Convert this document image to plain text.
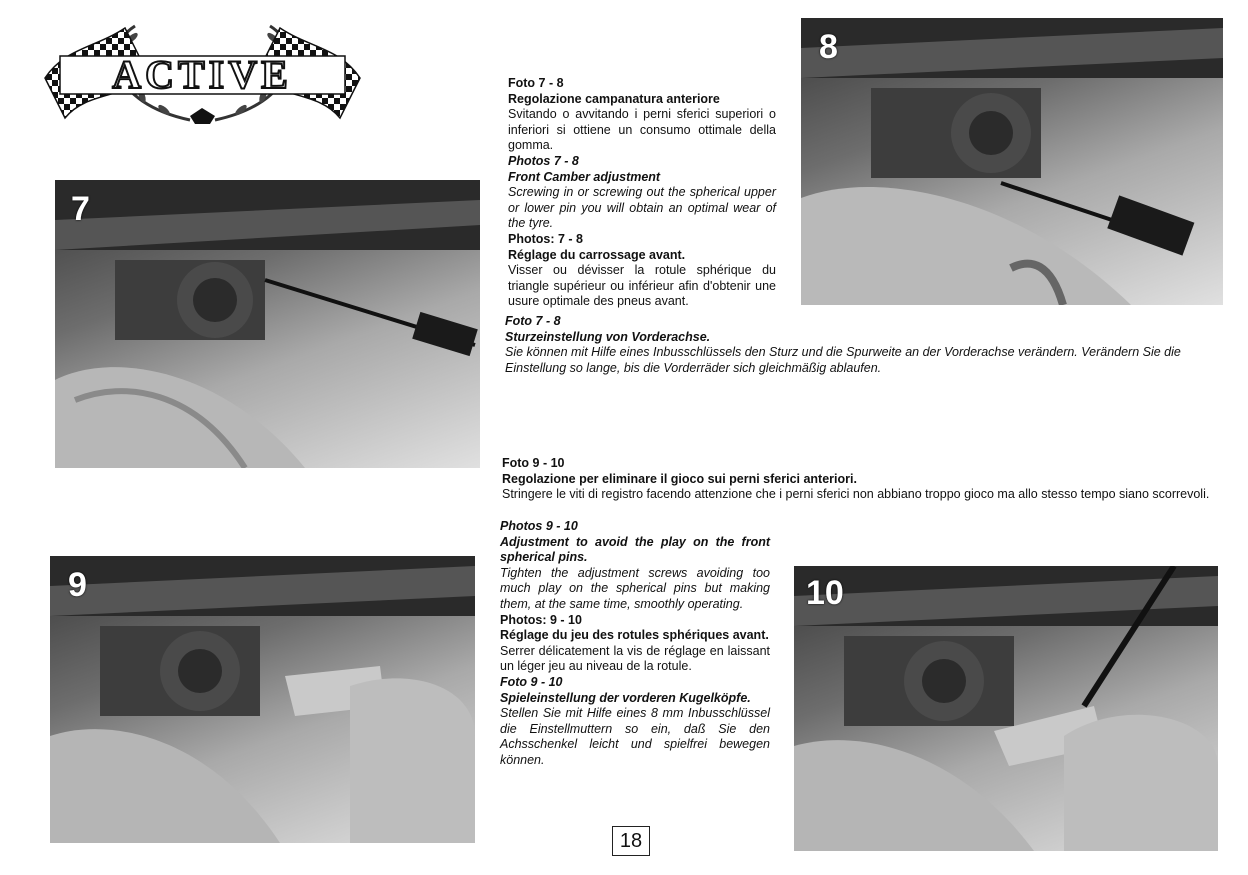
ACTIVE
7
8
9	10

Foto 7 - 8

Regolazione campanatura anteriore

Svitando o avvitando i perni sferici superiori o inferiori si ottiene un consumo ottimale della gomma.

Photos 7 - 8

Front Camber adjustment

Screwing in or screwing out the spherical upper or lower pin you will obtain an optimal wear of the tyre.

Photos: 7 - 8

Réglage du carrossage avant.

Visser ou dévisser la rotule sphérique du triangle supérieur ou inférieur afin d'obtenir une usure optimale des pneus avant.

Foto 7 - 8

Sturzeinstellung von Vorderachse.

Sie können mit Hilfe eines Inbusschlüssels den Sturz und die Spurweite an der Vorderachse verändern. Verändern Sie die Einstellung so lange, bis die Vorderräder sich gleichmäßig ablaufen.

Foto 9 - 10

Regolazione per eliminare il gioco sui perni sferici anteriori.

Stringere le viti di registro facendo attenzione che i perni sferici non abbiano troppo gioco ma allo stesso tempo siano scorrevoli.

Photos 9 - 10

Adjustment to avoid the play on the front spherical pins.

Tighten the adjustment screws avoiding too much play on the spherical pins but making them, at the same time, smoothly operating.

Photos: 9 - 10

Réglage du jeu des rotules sphériques avant.

Serrer délicatement la vis de réglage en laissant un léger jeu au niveau de la rotule.

Foto 9 - 10

Spieleinstellung der vorderen Kugelköpfe.

Stellen Sie mit Hilfe eines 8 mm Inbusschlüssel die Einstellmuttern so ein, daß Sie den Achsschenkel leicht und spielfrei bewegen können.

18
